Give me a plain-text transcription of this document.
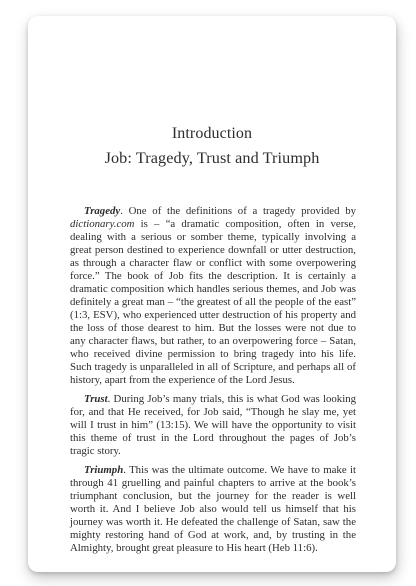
Introduction
Job: Tragedy, Trust and Triumph

Tragedy. One of the definitions of a tragedy provided by dictionary.com is – “a dramatic composition, often in verse, dealing with a serious or somber theme, typically involving a great person destined to experience downfall or utter destruction, as through a character flaw or conflict with some overpowering force.” The book of Job fits the description. It is certainly a dramatic composition which handles serious themes, and Job was definitely a great man – “the greatest of all the people of the east” (1:3, ESV), who experienced utter destruction of his property and the loss of those dearest to him. But the losses were not due to any character flaws, but rather, to an overpowering force – Satan, who received divine permission to bring tragedy into his life. Such tragedy is unparalleled in all of Scripture, and perhaps all of history, apart from the experience of the Lord Jesus.

Trust. During Job’s many trials, this is what God was looking for, and that He received, for Job said, “Though he slay me, yet will I trust in him” (13:15). We will have the opportunity to visit this theme of trust in the Lord throughout the pages of Job’s tragic story.

Triumph. This was the ultimate outcome. We have to make it through 41 gruelling and painful chapters to arrive at the book’s triumphant conclusion, but the journey for the reader is well worth it. And I believe Job also would tell us himself that his journey was worth it. He defeated the challenge of Satan, saw the mighty restoring hand of God at work, and, by trusting in the Almighty, brought great pleasure to His heart (Heb 11:6).
